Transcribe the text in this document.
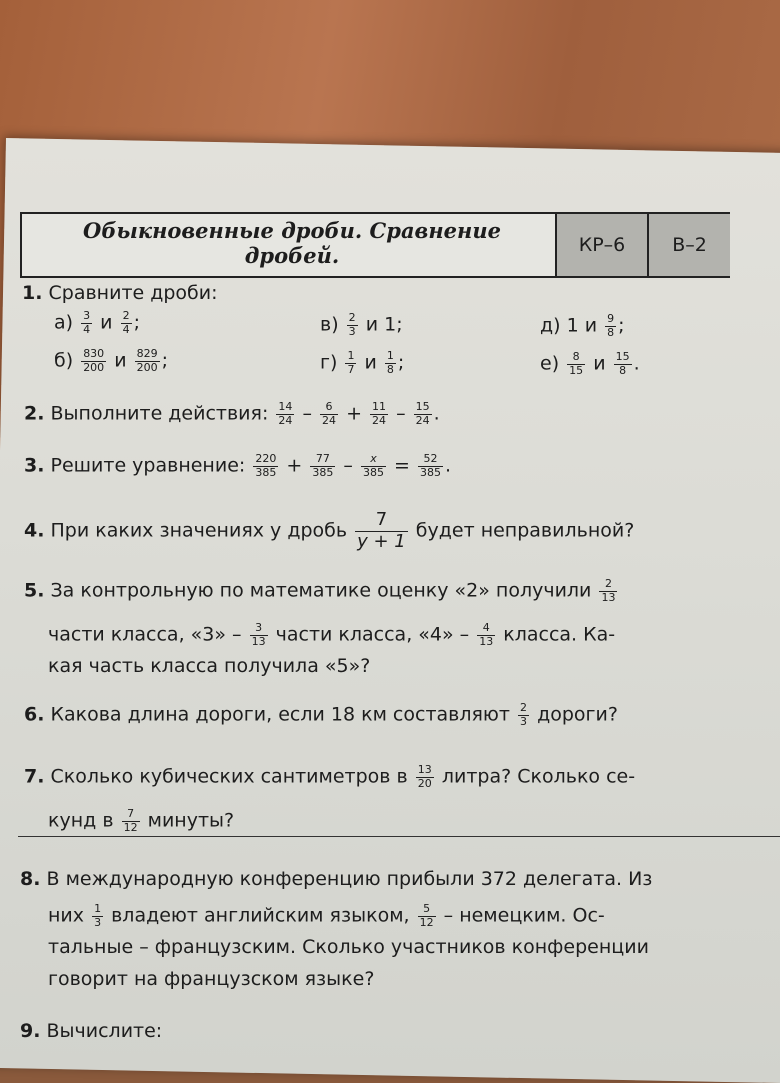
Обыкновенные дроби. Сравнение
дробей.	КР–6	В–2
1. Сравните дроби:
$а) \frac{3}{4}$ и $\frac{2}{4}$ ;	$в) \frac{2}{3}$ и 1;	д) 1 и $\frac{9}{8}$ ;
$б) \frac{830}{200}$ и $\frac{829}{200}$ ;	$г) \frac{1}{7}$ и $\frac{1}{8}$ ;	$е) \frac{8}{15}$ и $\frac{15}{8}$ .
2. Выполните действия: $\frac{14}{24} - \frac{6}{24} + \frac{11}{24} - \frac{15}{24}$ .
3. Решите уравнение: $\frac{220}{385} + \frac{77}{385} - \frac{x}{385} = \frac{52}{385}$ .
4. При каких значениях y дробь $\frac{7}{y + 1}$ будет неправильной?
5. За контрольную по математике оценку «2» получили $\frac{2}{13}$
части класса, «3» – $\frac{3}{13}$ части класса, «4» – $\frac{4}{13}$ класса. Ка-
кая часть класса получила «5»?
6. Какова длина дороги, если 18 км составляют $\frac{2}{3}$ дороги?
7. Сколько кубических сантиметров в $\frac{13}{20}$ литра? Сколько се-
кунд в $\frac{7}{12}$ минуты?
8. В международную конференцию прибыли 372 делегата. Из
них $\frac{1}{3}$ владеют английским языком, $\frac{5}{12}$ – немецким. Ос-
тальные – французским. Сколько участников конференции
говорит на французском языке?
9. Вычислите:
